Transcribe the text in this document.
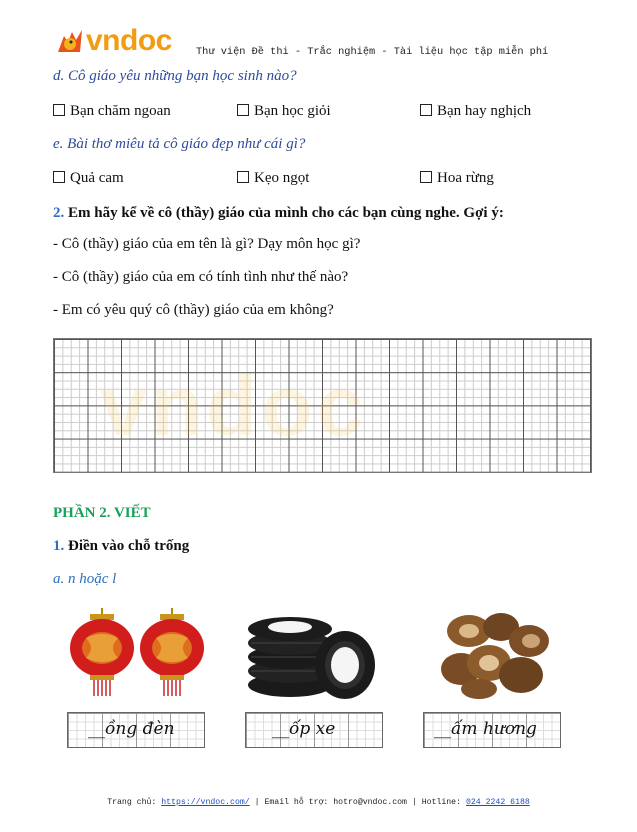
vndoc Thư viện Đề thi - Trắc nghiệm - Tài liệu học tập miễn phí
d. Cô giáo yêu những bạn học sinh nào?
Bạn chăm ngoan	Bạn học giỏi	Bạn hay nghịch
e. Bài thơ miêu tả cô giáo đẹp như cái gì?
Quả cam	Kẹo ngọt	Hoa rừng
2. Em hãy kể về cô (thầy) giáo của mình cho các bạn cùng nghe. Gợi ý:
- Cô (thầy) giáo của em tên là gì? Dạy môn học gì?
- Cô (thầy) giáo của em có tính tình như thế nào?
- Em có yêu quý cô (thầy) giáo của em không?
vndoc
PHẦN 2. VIẾT
1. Điền vào chỗ trống
a. n hoặc l
__ồng đèn	__ốp xe	__ấm hương
Trang chủ: https://vndoc.com/ | Email hỗ trợ: hotro@vndoc.com | Hotline: 024 2242 6188
